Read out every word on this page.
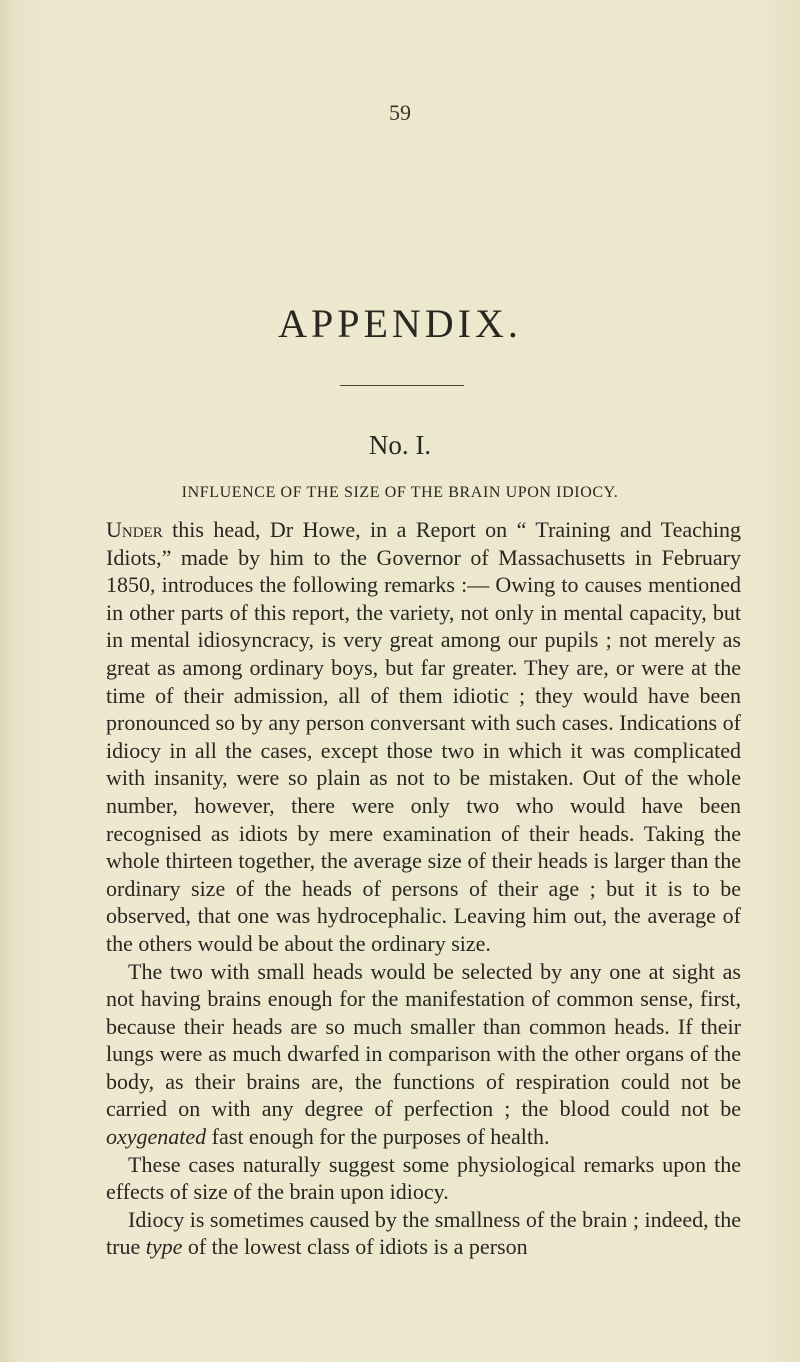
59
APPENDIX.
No. I.
INFLUENCE OF THE SIZE OF THE BRAIN UPON IDIOCY.

Under this head, Dr Howe, in a Report on “ Training and Teaching Idiots,” made by him to the Governor of Massachusetts in February 1850, introduces the following remarks :— Owing to causes mentioned in other parts of this report, the variety, not only in mental capacity, but in mental idiosyncracy, is very great among our pupils ; not merely as great as among ordinary boys, but far greater. They are, or were at the time of their admission, all of them idiotic ; they would have been pronounced so by any person conversant with such cases. Indications of idiocy in all the cases, except those two in which it was complicated with insanity, were so plain as not to be mistaken. Out of the whole number, however, there were only two who would have been recognised as idiots by mere examination of their heads. Taking the whole thirteen together, the average size of their heads is larger than the ordinary size of the heads of persons of their age ; but it is to be observed, that one was hydrocephalic. Leaving him out, the average of the others would be about the ordinary size.

The two with small heads would be selected by any one at sight as not having brains enough for the manifestation of common sense, first, because their heads are so much smaller than common heads. If their lungs were as much dwarfed in comparison with the other organs of the body, as their brains are, the functions of respiration could not be carried on with any degree of perfection ; the blood could not be oxygenated fast enough for the purposes of health.

These cases naturally suggest some physiological remarks upon the effects of size of the brain upon idiocy.

Idiocy is sometimes caused by the smallness of the brain ; indeed, the true type of the lowest class of idiots is a person
